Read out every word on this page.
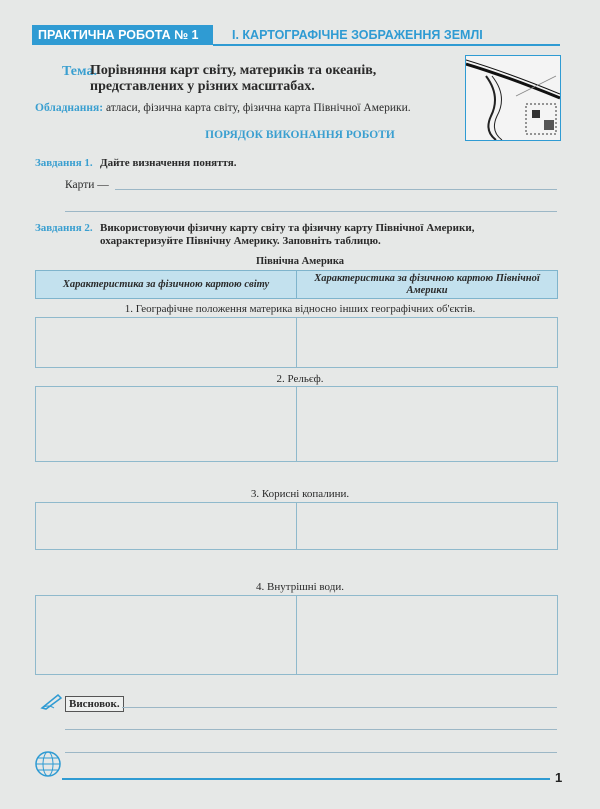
ПРАКТИЧНА РОБОТА № 1	І. КАРТОГРАФІЧНЕ ЗОБРАЖЕННЯ ЗЕМЛІ
Тема.
Порівняння карт світу, материків та океанів, представлених у різних масштабах.
Обладнання: атласи, фізична карта світу, фізична карта Північної Америки.
ПОРЯДОК ВИКОНАННЯ РОБОТИ
Завдання 1. Дайте визначення поняття.
Карти —
Завдання 2. Використовуючи фізичну карту світу та фізичну карту Північної Америки, охарактеризуйте Північну Америку. Заповніть таблицю.
Північна Америка
Характеристика за фізичною картою світу
Характеристика за фізичною картою Північної Америки
1. Географічне положення материка відносно інших географічних об'єктів.
2. Рельєф.
3. Корисні копалини.
4. Внутрішні води.
Висновок.
1
